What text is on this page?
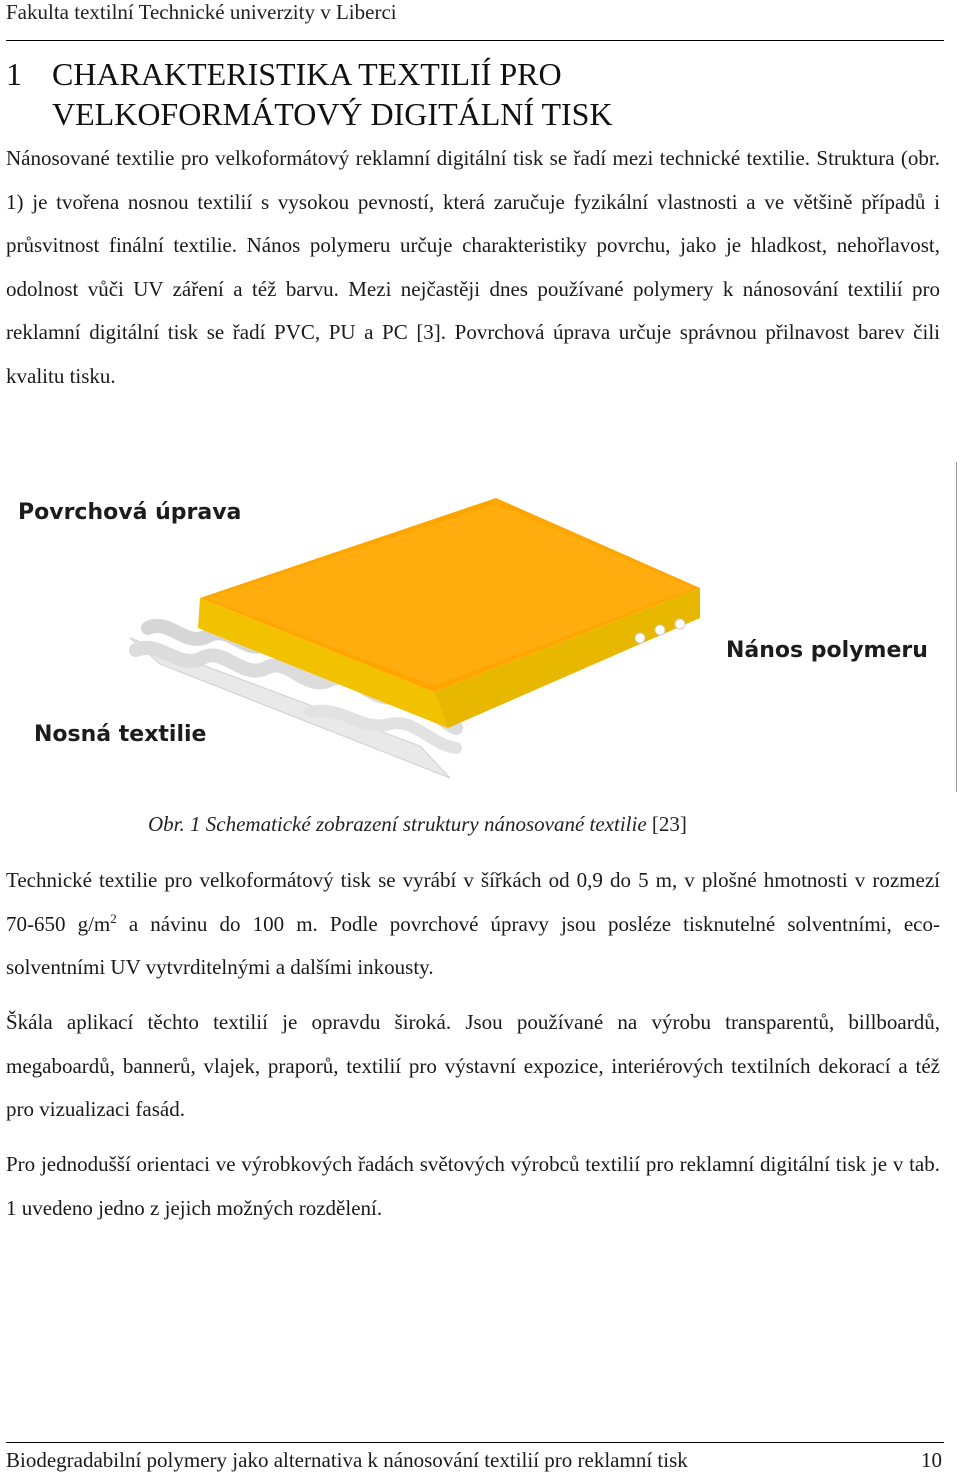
Fakulta textilní Technické univerzity v Liberci
1 CHARAKTERISTIKA TEXTILIÍ PRO
VELKOFORMÁTOVÝ DIGITÁLNÍ TISK

Nánosované textilie pro velkoformátový reklamní digitální tisk se řadí mezi technické textilie. Struktura (obr. 1) je tvořena nosnou textilií s vysokou pevností, která zaručuje fyzikální vlastnosti a ve většině případů i průsvitnost finální textilie. Nános polymeru určuje charakteristiky povrchu, jako je hladkost, nehořlavost, odolnost vůči UV záření a též barvu. Mezi nejčastěji dnes používané polymery k nánosování textilií pro reklamní digitální tisk se řadí PVC, PU a PC [3]. Povrchová úprava určuje správnou přilnavost barev čili kvalitu tisku.

Povrchová úprava
Nános polymeru
Nosná textilie
Obr. 1 Schematické zobrazení struktury nánosované textilie [23]

Technické textilie pro velkoformátový tisk se vyrábí v šířkách od 0,9 do 5 m, v plošné hmotnosti v rozmezí 70-650 $g/m^2$ a návinu do 100 m. Podle povrchové úpravy jsou posléze tisknutelné solventními, eco-solventními UV vytvrditelnými a dalšími inkousty.

Škála aplikací těchto textilií je opravdu široká. Jsou používané na výrobu transparentů, billboardů, megaboardů, bannerů, vlajek, praporů, textilií pro výstavní expozice, interiérových textilních dekorací a též pro vizualizaci fasád.

Pro jednodušší orientaci ve výrobkových řadách světových výrobců textilií pro reklamní digitální tisk je v tab. 1 uvedeno jedno z jejich možných rozdělení.

Biodegradabilní polymery jako alternativa k nánosování textilií pro reklamní tisk	10
